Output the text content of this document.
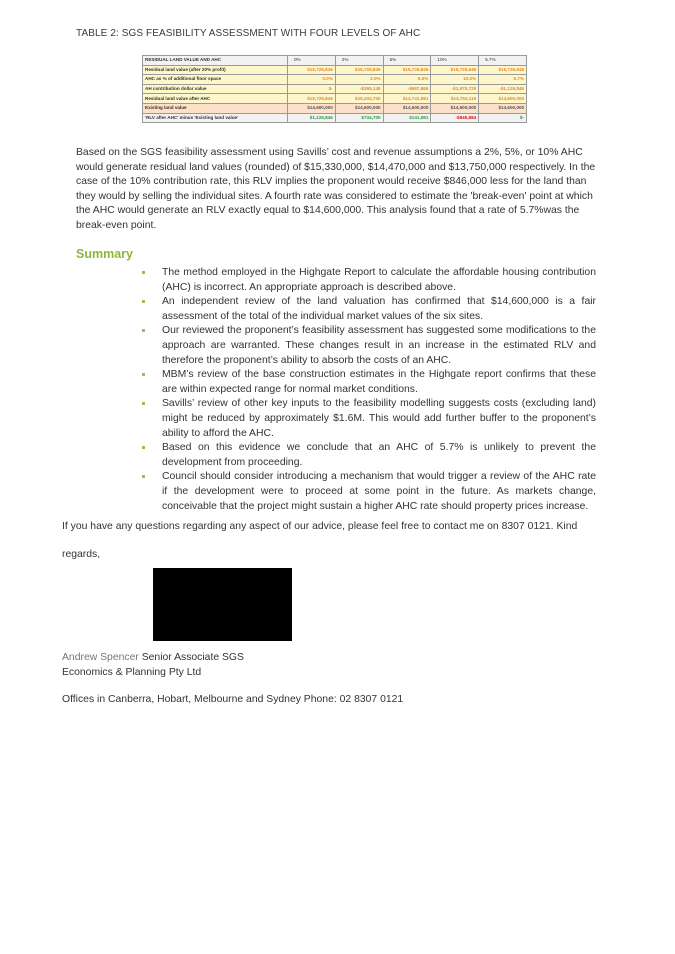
TABLE 2: SGS FEASIBILITY ASSESSMENT WITH FOUR LEVELS OF AHC
RESIDUAL LAND VALUE AND AHC	0%	2%	5%	10%	5.7%
Residual land value (after 20% profit)	$15,729,846	$15,729,846	$15,729,846	$15,729,846	$15,729,846
AHC as % of additional floor space	0.0%	2.0%	5.0%	10.0%	5.7%
AH contribution dollar value	$-	-$395,146	-$987,865	-$1,975,729	-$1,129,846
Residual land value after AHC	$15,729,846	$15,334,700	$14,741,981	$13,754,116	$14,600,000
Existing land value	$14,600,000	$14,600,000	$14,600,000	$14,600,000	$14,600,000
'RLV after AHC' minus 'Existing land value'	$1,129,846	$734,700	$141,981	-$845,884	$-

Based on the SGS feasibility assessment using Savills’ cost and revenue assumptions a 2%, 5%, or 10% AHC would generate residual land values (rounded) of $15,330,000, $14,470,000 and $13,750,000 respectively. In the case of the 10% contribution rate, this RLV implies the proponent would receive $846,000 less for the land than they would by selling the individual sites. A fourth rate was considered to estimate the 'break-even' point at which the AHC would generate an RLV exactly equal to $14,600,000. This analysis found that a rate of 5.7%was the break-even point.

Summary
The method employed in the Highgate Report to calculate the affordable housing contribution (AHC) is incorrect. An appropriate approach is described above.
An independent review of the land valuation has confirmed that $14,600,000 is a fair assessment of the total of the individual market values of the six sites.
Our reviewed the proponent’s feasibility assessment has suggested some modifications to the approach are warranted. These changes result in an increase in the estimated RLV and therefore the proponent’s ability to absorb the costs of an AHC.
MBM’s review of the base construction estimates in the Highgate report confirms that these are within expected range for normal market conditions.
Savills’ review of other key inputs to the feasibility modelling suggests costs (excluding land) might be reduced by approximately $1.6M. This would add further buffer to the proponent’s ability to afford the AHC.
Based on this evidence we conclude that an AHC of 5.7% is unlikely to prevent the development from proceeding.
Council should consider introducing a mechanism that would trigger a review of the AHC rate if the development were to proceed at some point in the future. As markets change, conceivable that the project might sustain a higher AHC rate should property prices increase.

If you have any questions regarding any aspect of our advice, please feel free to contact me on 8307 0121. Kind

regards,

Andrew Spencer Senior Associate SGS
Economics & Planning Pty Ltd

Offices in Canberra, Hobart, Melbourne and Sydney Phone: 02 8307 0121
